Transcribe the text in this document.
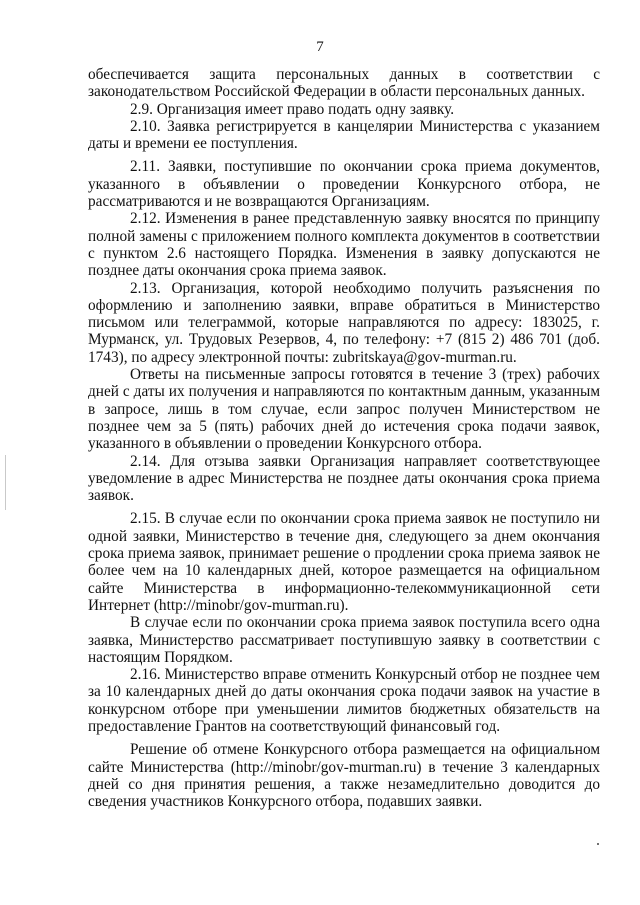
7

обеспечивается защита персональных данных в соответствии с законодательством Российской Федерации в области персональных данных.

2.9. Организация имеет право подать одну заявку.

2.10. Заявка регистрируется в канцелярии Министерства с указанием даты и времени ее поступления.

2.11. Заявки, поступившие по окончании срока приема документов, указанного в объявлении о проведении Конкурсного отбора, не рассматриваются и не возвращаются Организациям.

2.12. Изменения в ранее представленную заявку вносятся по принципу полной замены с приложением полного комплекта документов в соответствии с пунктом 2.6 настоящего Порядка. Изменения в заявку допускаются не позднее даты окончания срока приема заявок.

2.13. Организация, которой необходимо получить разъяснения по оформлению и заполнению заявки, вправе обратиться в Министерство письмом или телеграммой, которые направляются по адресу: 183025, г. Мурманск, ул. Трудовых Резервов, 4, по телефону: +7 (815 2) 486 701 (доб. 1743), по адресу электронной почты: zubritskaya@gov-murman.ru.

Ответы на письменные запросы готовятся в течение 3 (трех) рабочих дней с даты их получения и направляются по контактным данным, указанным в запросе, лишь в том случае, если запрос получен Министерством не позднее чем за 5 (пять) рабочих дней до истечения срока подачи заявок, указанного в объявлении о проведении Конкурсного отбора.

2.14. Для отзыва заявки Организация направляет соответствующее уведомление в адрес Министерства не позднее даты окончания срока приема заявок.

2.15. В случае если по окончании срока приема заявок не поступило ни одной заявки, Министерство в течение дня, следующего за днем окончания срока приема заявок, принимает решение о продлении срока приема заявок не более чем на 10 календарных дней, которое размещается на официальном сайте Министерства в информационно-телекоммуникационной сети Интернет (http://minobr/gov-murman.ru).

В случае если по окончании срока приема заявок поступила всего одна заявка, Министерство рассматривает поступившую заявку в соответствии с настоящим Порядком.

2.16. Министерство вправе отменить Конкурсный отбор не позднее чем за 10 календарных дней до даты окончания срока подачи заявок на участие в конкурсном отборе при уменьшении лимитов бюджетных обязательств на предоставление Грантов на соответствующий финансовый год.

Решение об отмене Конкурсного отбора размещается на официальном сайте Министерства (http://minobr/gov-murman.ru) в течение 3 календарных дней со дня принятия решения, а также незамедлительно доводится до сведения участников Конкурсного отбора, подавших заявки.
